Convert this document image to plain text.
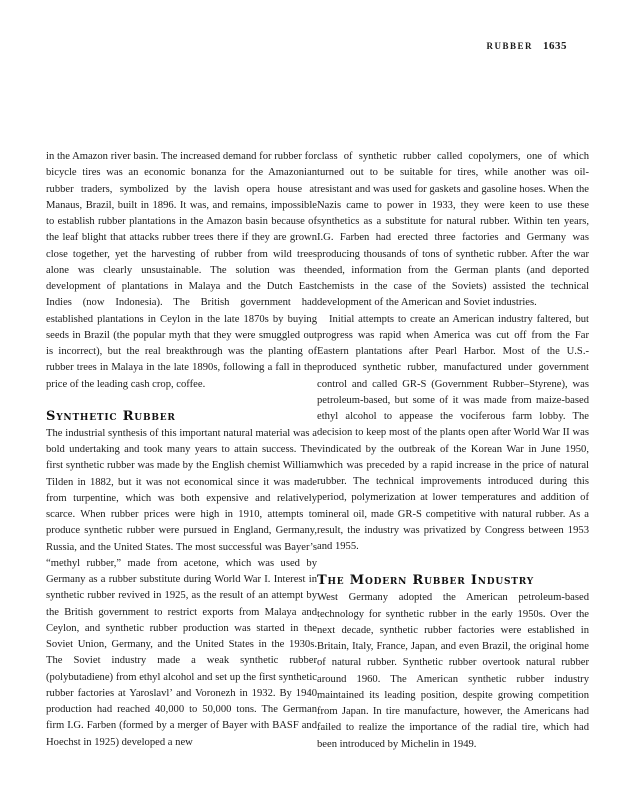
RUBBER 1635

in the Amazon river basin. The increased demand for rubber for bicycle tires was an economic bonanza for the Amazonian rubber traders, symbolized by the lavish opera house at Manaus, Brazil, built in 1896. It was, and remains, impossible to establish rubber plantations in the Amazon basin because of the leaf blight that attacks rubber trees there if they are grown close together, yet the harvesting of rubber from wild trees alone was clearly unsustainable. The solution was the development of plantations in Malaya and the Dutch East Indies (now Indonesia). The British government had established plantations in Ceylon in the late 1870s by buying seeds in Brazil (the popular myth that they were smuggled out is incorrect), but the real breakthrough was the planting of rubber trees in Malaya in the late 1890s, following a fall in the price of the leading cash crop, coffee.

Synthetic Rubber

The industrial synthesis of this important natural material was a bold undertaking and took many years to attain success. The first synthetic rubber was made by the English chemist William Tilden in 1882, but it was not economical since it was made from turpentine, which was both expensive and relatively scarce. When rubber prices were high in 1910, attempts to produce synthetic rubber were pursued in England, Germany, Russia, and the United States. The most successful was Bayer’s “methyl rubber,” made from acetone, which was used by Germany as a rubber substitute during World War I. Interest in synthetic rubber revived in 1925, as the result of an attempt by the British government to restrict exports from Malaya and Ceylon, and synthetic rubber production was started in the Soviet Union, Germany, and the United States in the 1930s. The Soviet industry made a weak synthetic rubber (polybutadiene) from ethyl alcohol and set up the first synthetic rubber factories at Yaroslavl’ and Voronezh in 1932. By 1940 production had reached 40,000 to 50,000 tons. The German firm I.G. Farben (formed by a merger of Bayer with BASF and Hoechst in 1925) developed a new

class of synthetic rubber called copolymers, one of which turned out to be suitable for tires, while another was oil-resistant and was used for gaskets and gasoline hoses. When the Nazis came to power in 1933, they were keen to use these synthetics as a substitute for natural rubber. Within ten years, I.G. Farben had erected three factories and Germany was producing thousands of tons of synthetic rubber. After the war ended, information from the German plants (and deported chemists in the case of the Soviets) assisted the technical development of the American and Soviet industries.

Initial attempts to create an American industry faltered, but progress was rapid when America was cut off from the Far Eastern plantations after Pearl Harbor. Most of the U.S.-produced synthetic rubber, manufactured under government control and called GR-S (Government Rubber–Styrene), was petroleum-based, but some of it was made from maize-based ethyl alcohol to appease the vociferous farm lobby. The decision to keep most of the plants open after World War II was vindicated by the outbreak of the Korean War in June 1950, which was preceded by a rapid increase in the price of natural rubber. The technical improvements introduced during this period, polymerization at lower temperatures and addition of mineral oil, made GR-S competitive with natural rubber. As a result, the industry was privatized by Congress between 1953 and 1955.

The Modern Rubber Industry

West Germany adopted the American petroleum-based technology for synthetic rubber in the early 1950s. Over the next decade, synthetic rubber factories were established in Britain, Italy, France, Japan, and even Brazil, the original home of natural rubber. Synthetic rubber overtook natural rubber around 1960. The American synthetic rubber industry maintained its leading position, despite growing competition from Japan. In tire manufacture, however, the Americans had failed to realize the importance of the radial tire, which had been introduced by Michelin in 1949.
